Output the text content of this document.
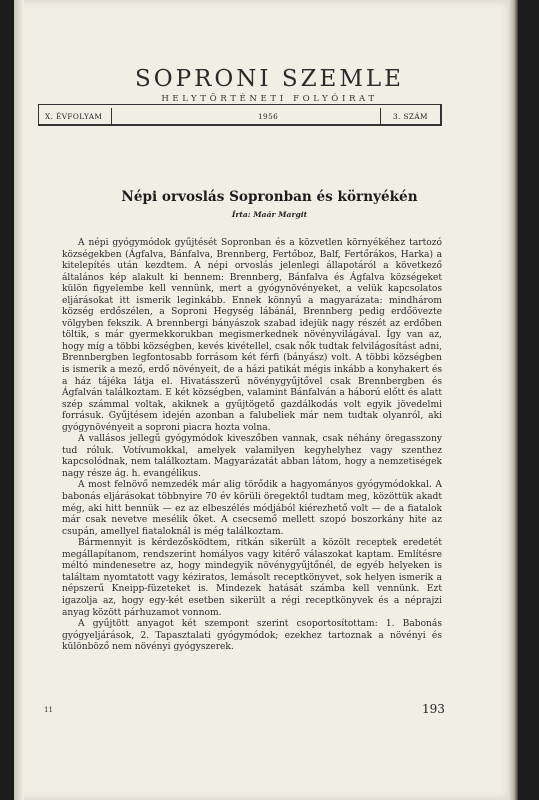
SOPRONI SZEMLE
HELYTÖRTÉNETI FOLYÓIRAT
X. ÉVFOLYAM	1956	3. SZÁM
Népi orvoslás Sopronban és környékén
Írta: Maár Margit

A népi gyógymódok gyűjtését Sopronban és a közvetlen környékéhez tartozó községekben (Ágfalva, Bánfalva, Brennberg, Fertőboz, Balf, Fertőrákos, Harka) a kitelepítés után kezdtem. A népi orvoslás jelenlegi állapotáról a következő általános kép alakult ki bennem: Brennberg, Bánfalva és Ágfalva községeket külön figyelembe kell vennünk, mert a gyógynövényeket, a velük kapcsolatos eljárásokat itt ismerik leginkább. Ennek könnyű a magyarázata: mindhárom község erdőszélen, a Soproni Hegység lábánál, Brennberg pedig erdőövezte völgyben fekszik. A brennbergi bányászok szabad idejük nagy részét az erdőben töltik, s már gyermekkorukban megismerkednek növényvilágával. Így van az, hogy míg a többi községben, kevés kivétellel, csak nők tudtak felvilágosítást adni, Brennbergben legfontosabb forrásom két férfi (bányász) volt. A többi községben is ismerik a mező, erdő növényeit, de a házi patikát mégis inkább a konyhakert és a ház tájéka látja el. Hivatásszerű növénygyűjtővel csak Brennbergben és Ágfalván találkoztam. E két községben, valamint Bánfalván a háború előtt és alatt szép számmal voltak, akiknek a gyűjtögető gazdálkodás volt egyik jövedelmi forrásuk. Gyűjtésem idején azonban a falubeliek már nem tudtak olyanról, aki gyógynövényeit a soproni piacra hozta volna.

A vallásos jellegű gyógymódok kiveszőben vannak, csak néhány öregasszony tud róluk. Votívumokkal, amelyek valamilyen kegyhelyhez vagy szenthez kapcsolódnak, nem találkoztam. Magyarázatát abban látom, hogy a nemzetiségek nagy része ág. h. evangélikus.

A most felnövő nemzedék már alig törődik a hagyományos gyógymódokkal. A babonás eljárásokat többnyire 70 év körüli öregektől tudtam meg, közöttük akadt még, aki hitt bennük — ez az elbeszélés módjából kiérezhető volt — de a fiatalok már csak nevetve mesélik őket. A csecsemő mellett szopó boszorkány hite az csupán, amellyel fiataloknál is még találkoztam.

Bármennyit is kérdezősködtem, ritkán sikerült a közölt receptek eredetét megállapítanom, rendszerint homályos vagy kitérő válaszokat kaptam. Említésre méltó mindenesetre az, hogy mindegyik növénygyűjtőnél, de egyéb helyeken is találtam nyomtatott vagy kéziratos, lemásolt receptkönyvet, sok helyen ismerik a népszerű Kneipp-füzeteket is. Mindezek hatását számba kell vennünk. Ezt igazolja az, hogy egy-két esetben sikerült a régi receptkönyvek és a néprajzi anyag között párhuzamot vonnom.

A gyűjtött anyagot két szempont szerint csoportosítottam: 1. Babonás gyógyeljárások, 2. Tapasztalati gyógymódok; ezekhez tartoznak a növényi és különböző nem növényi gyógyszerek.

11	193
